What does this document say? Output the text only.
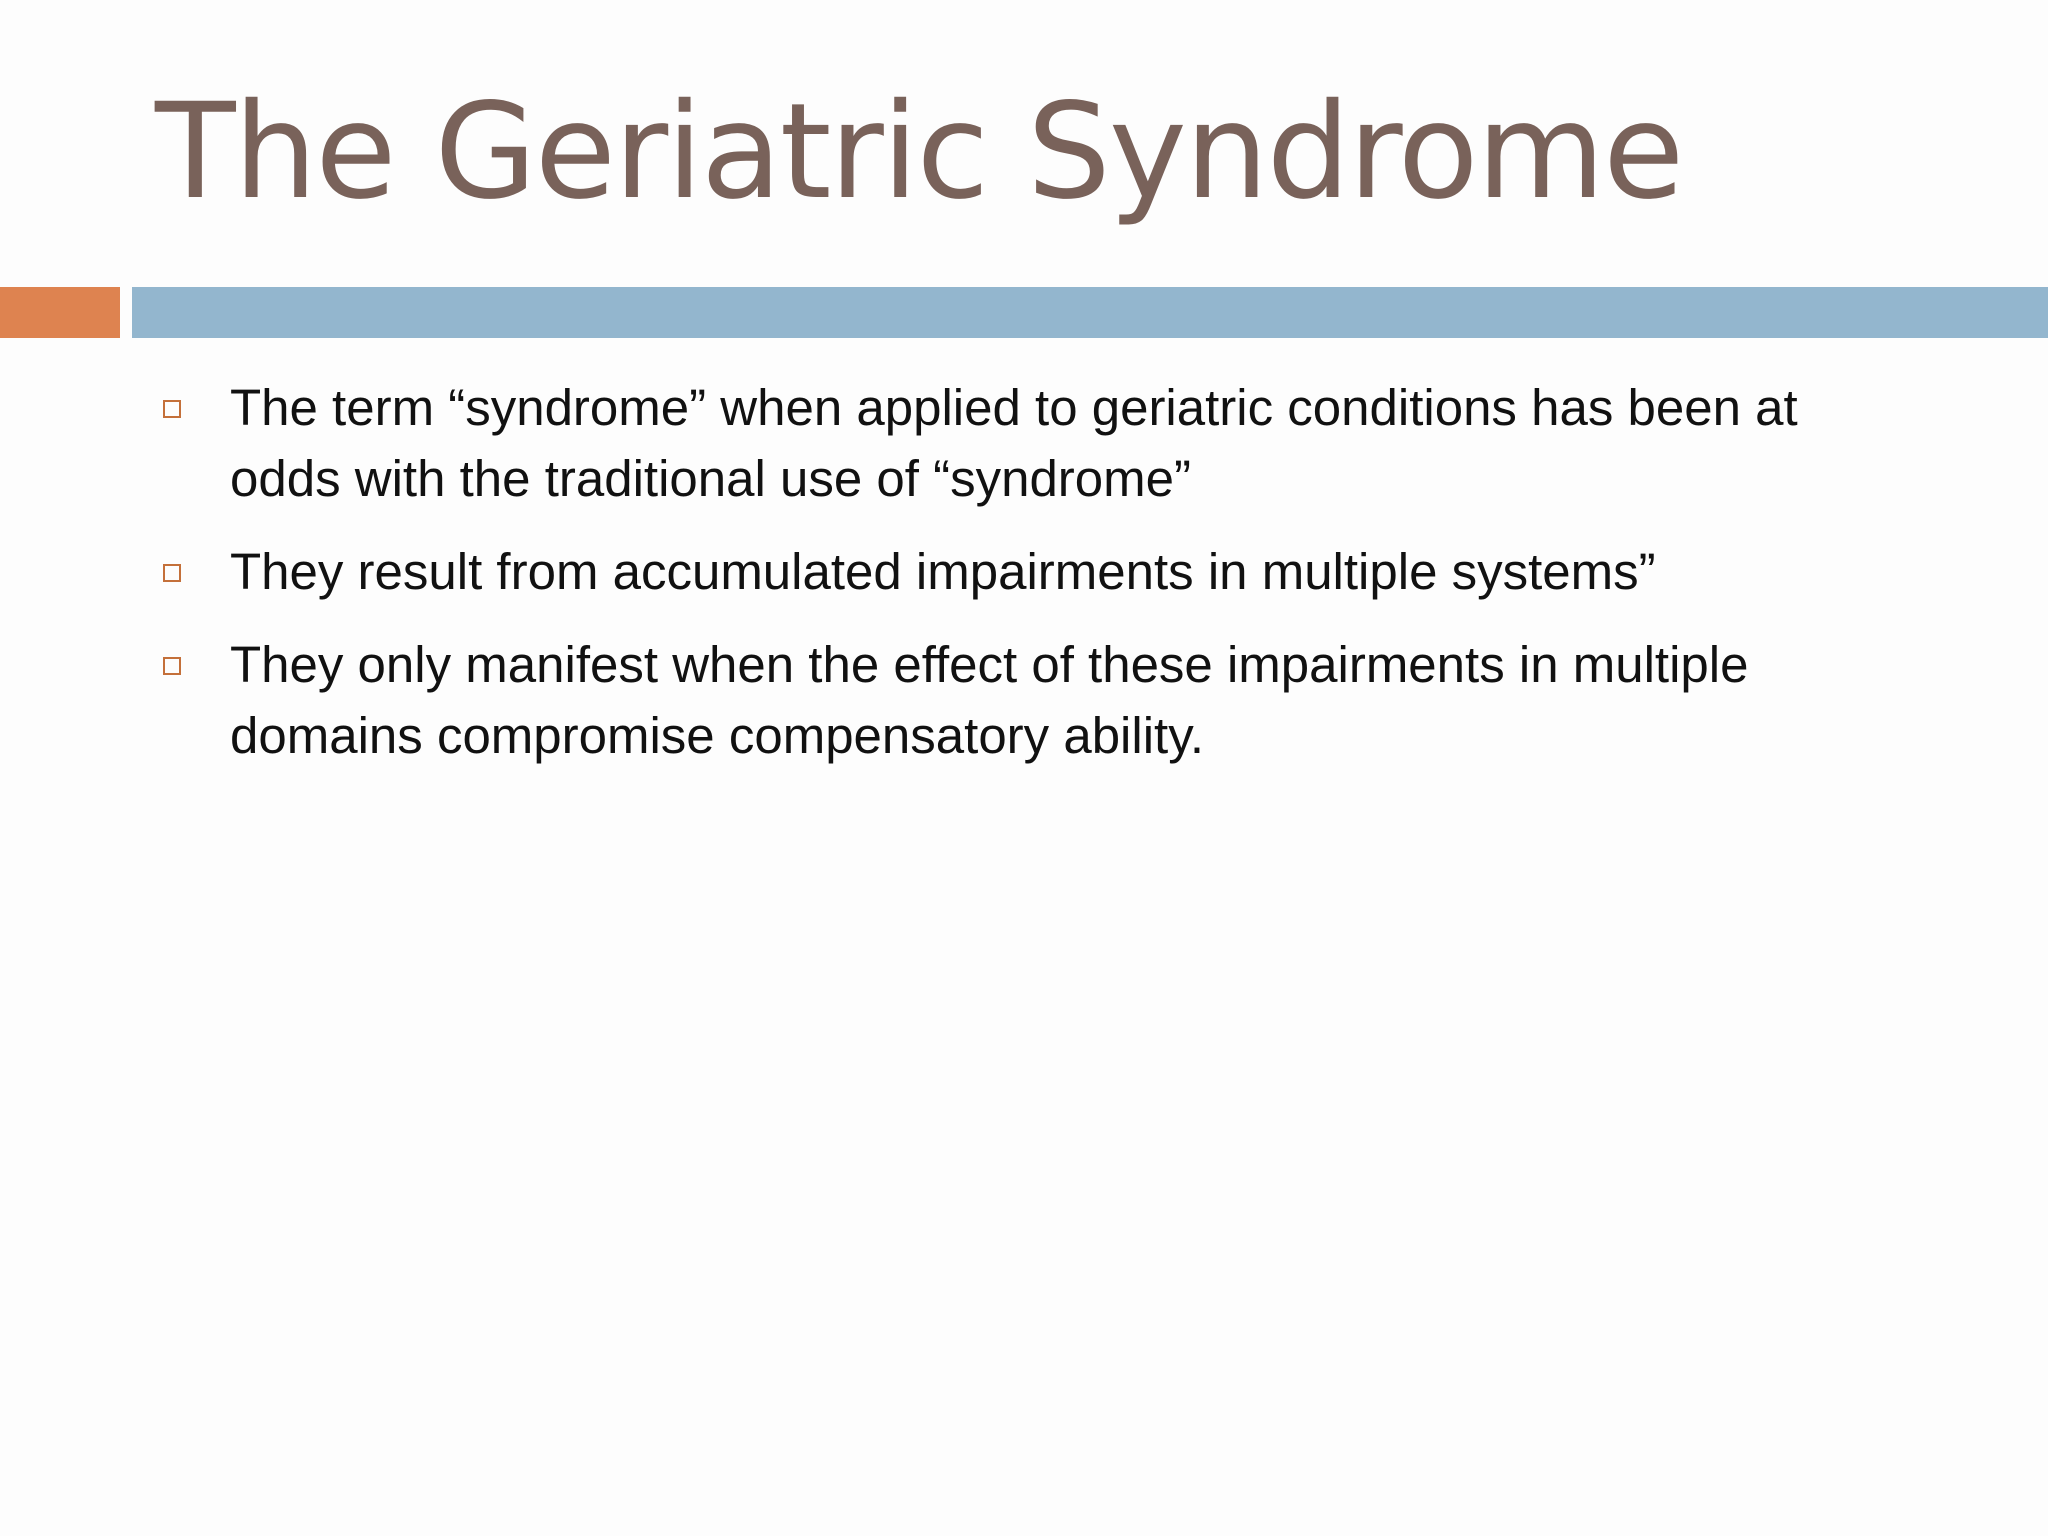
The Geriatric Syndrome
The term “syndrome” when applied to geriatric conditions has been at odds with the traditional use of “syndrome”
They result from accumulated impairments in multiple systems”
They only manifest when the effect of these impairments in multiple domains compromise compensatory ability.
